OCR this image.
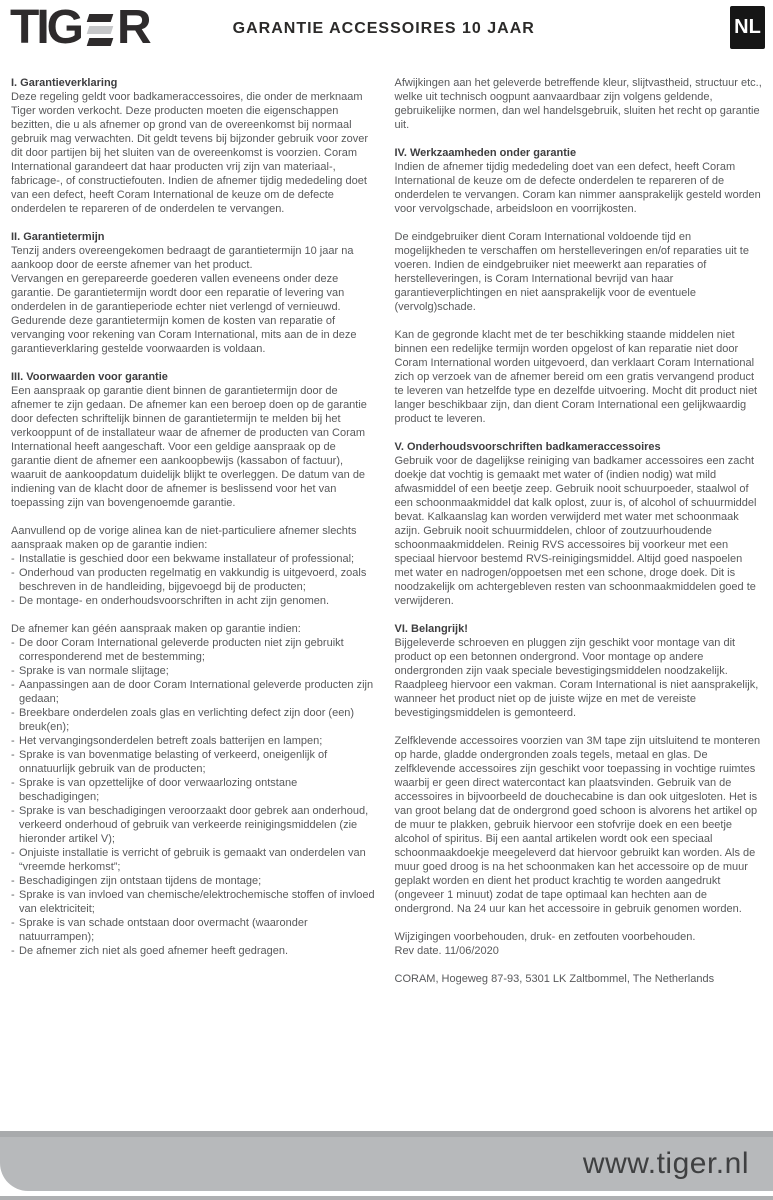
TIG R	GARANTIE ACCESSOIRES 10 JAAR	NL
I. Garantieverklaring
Deze regeling geldt voor badkameraccessoires, die onder de merknaam Tiger worden verkocht. Deze producten moeten die eigenschappen bezitten, die u als afnemer op grond van de overeenkomst bij normaal gebruik mag verwachten. Dit geldt tevens bij bijzonder gebruik voor zover dit door partijen bij het sluiten van de overeenkomst is voorzien. Coram International garandeert dat haar producten vrij zijn van materiaal-, fabricage-, of constructiefouten. Indien de afnemer tijdig mededeling doet van een defect, heeft Coram International de keuze om de defecte onderdelen te repareren of de onderdelen te vervangen.
II. Garantietermijn
Tenzij anders overeengekomen bedraagt de garantietermijn 10 jaar na aankoop door de eerste afnemer van het product.
Vervangen en gerepareerde goederen vallen eveneens onder deze garantie. De garantietermijn wordt door een reparatie of levering van onderdelen in de garantieperiode echter niet verlengd of vernieuwd.
Gedurende deze garantietermijn komen de kosten van reparatie of vervanging voor rekening van Coram International, mits aan de in deze garantieverklaring gestelde voorwaarden is voldaan.
III. Voorwaarden voor garantie
Een aanspraak op garantie dient binnen de garantietermijn door de afnemer te zijn gedaan. De afnemer kan een beroep doen op de garantie door defecten schriftelijk binnen de garantietermijn te melden bij het verkooppunt of de installateur waar de afnemer de producten van Coram International heeft aangeschaft. Voor een geldige aanspraak op de garantie dient de afnemer een aankoopbewijs (kassabon of factuur), waaruit de aankoopdatum duidelijk blijkt te overleggen. De datum van de indiening van de klacht door de afnemer is beslissend voor het van toepassing zijn van bovengenoemde garantie.
Aanvullend op de vorige alinea kan de niet-particuliere afnemer slechts aanspraak maken op de garantie indien:
- Installatie is geschied door een bekwame installateur of professional;
- Onderhoud van producten regelmatig en vakkundig is uitgevoerd, zoals beschreven in de handleiding, bijgevoegd bij de producten;
- De montage- en onderhoudsvoorschriften in acht zijn genomen.
De afnemer kan géén aanspraak maken op garantie indien:
- De door Coram International geleverde producten niet zijn gebruikt corresponderend met de bestemming;
- Sprake is van normale slijtage;
- Aanpassingen aan de door Coram International geleverde producten zijn gedaan;
- Breekbare onderdelen zoals glas en verlichting defect zijn door (een) breuk(en);
- Het vervangingsonderdelen betreft zoals batterijen en lampen;
- Sprake is van bovenmatige belasting of verkeerd, oneigenlijk of onnatuurlijk gebruik van de producten;
- Sprake is van opzettelijke of door verwaarlozing ontstane beschadigingen;
- Sprake is van beschadigingen veroorzaakt door gebrek aan onderhoud, verkeerd onderhoud of gebruik van verkeerde reinigingsmiddelen (zie hieronder artikel V);
- Onjuiste installatie is verricht of gebruik is gemaakt van onderdelen van “vreemde herkomst”;
- Beschadigingen zijn ontstaan tijdens de montage;
- Sprake is van invloed van chemische/elektrochemische stoffen of invloed van elektriciteit;
- Sprake is van schade ontstaan door overmacht (waaronder natuurrampen);
- De afnemer zich niet als goed afnemer heeft gedragen.
Afwijkingen aan het geleverde betreffende kleur, slijtvastheid, structuur etc., welke uit technisch oogpunt aanvaardbaar zijn volgens geldende, gebruikelijke normen, dan wel handelsgebruik, sluiten het recht op garantie uit.
IV. Werkzaamheden onder garantie
Indien de afnemer tijdig mededeling doet van een defect, heeft Coram International de keuze om de defecte onderdelen te repareren of de onderdelen te vervangen. Coram kan nimmer aansprakelijk gesteld worden voor vervolgschade, arbeidsloon en voorrijkosten.
De eindgebruiker dient Coram International voldoende tijd en mogelijkheden te verschaffen om herstelleveringen en/of reparaties uit te voeren. Indien de eindgebruiker niet meewerkt aan reparaties of herstelleveringen, is Coram International bevrijd van haar garantieverplichtingen en niet aansprakelijk voor de eventuele (vervolg)schade.
Kan de gegronde klacht met de ter beschikking staande middelen niet binnen een redelijke termijn worden opgelost of kan reparatie niet door Coram International worden uitgevoerd, dan verklaart Coram International zich op verzoek van de afnemer bereid om een gratis vervangend product te leveren van hetzelfde type en dezelfde uitvoering. Mocht dit product niet langer beschikbaar zijn, dan dient Coram International een gelijkwaardig product te leveren.
V. Onderhoudsvoorschriften badkameraccessoires
Gebruik voor de dagelijkse reiniging van badkamer accessoires een zacht doekje dat vochtig is gemaakt met water of (indien nodig) wat mild afwasmiddel of een beetje zeep. Gebruik nooit schuurpoeder, staalwol of een schoonmaakmiddel dat kalk oplost, zuur is, of alcohol of schuurmiddel bevat. Kalkaanslag kan worden verwijderd met water met schoonmaak azijn. Gebruik nooit schuurmiddelen, chloor of zoutzuurhoudende schoonmaakmiddelen. Reinig RVS accessoires bij voorkeur met een speciaal hiervoor bestemd RVS-reinigingsmiddel. Altijd goed naspoelen met water en nadrogen/oppoetsen met een schone, droge doek. Dit is noodzakelijk om achtergebleven resten van schoonmaakmiddelen goed te verwijderen.
VI. Belangrijk!
Bijgeleverde schroeven en pluggen zijn geschikt voor montage van dit product op een betonnen ondergrond. Voor montage op andere ondergronden zijn vaak speciale bevestigingsmiddelen noodzakelijk. Raadpleeg hiervoor een vakman. Coram International is niet aansprakelijk, wanneer het product niet op de juiste wijze en met de vereiste bevestigingsmiddelen is gemonteerd.
Zelfklevende accessoires voorzien van 3M tape zijn uitsluitend te monteren op harde, gladde ondergronden zoals tegels, metaal en glas. De zelfklevende accessoires zijn geschikt voor toepassing in vochtige ruimtes waarbij er geen direct watercontact kan plaatsvinden. Gebruik van de accessoires in bijvoorbeeld de douchecabine is dan ook uitgesloten. Het is van groot belang dat de ondergrond goed schoon is alvorens het artikel op de muur te plakken, gebruik hiervoor een stofvrije doek en een beetje alcohol of spiritus. Bij een aantal artikelen wordt ook een speciaal schoonmaakdoekje meegeleverd dat hiervoor gebruikt kan worden. Als de muur goed droog is na het schoonmaken kan het accessoire op de muur geplakt worden en dient het product krachtig te worden aangedrukt (ongeveer 1 minuut) zodat de tape optimaal kan hechten aan de ondergrond. Na 24 uur kan het accessoire in gebruik genomen worden.
Wijzigingen voorbehouden, druk- en zetfouten voorbehouden.
Rev date. 11/06/2020
CORAM, Hogeweg 87-93, 5301 LK Zaltbommel, The Netherlands
www.tiger.nl
